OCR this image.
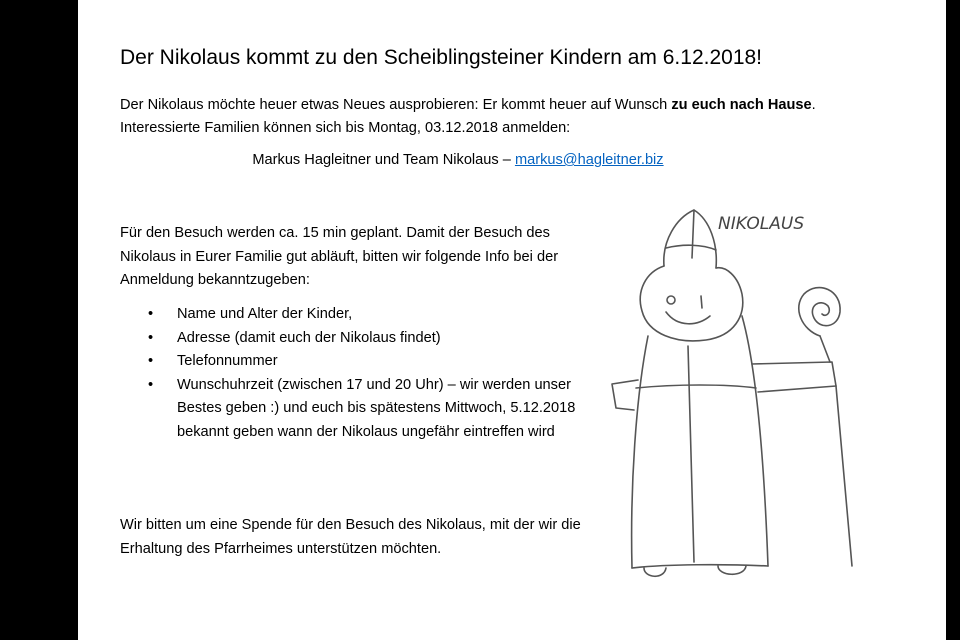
Der Nikolaus kommt zu den Scheiblingsteiner Kindern am 6.12.2018!
Der Nikolaus möchte heuer etwas Neues ausprobieren: Er kommt heuer auf Wunsch zu euch nach Hause. Interessierte Familien können sich bis Montag, 03.12.2018 anmelden:
Markus Hagleitner und Team Nikolaus – markus@hagleitner.biz
Für den Besuch werden ca. 15 min geplant. Damit der Besuch des Nikolaus in Eurer Familie gut abläuft, bitten wir folgende Info bei der Anmeldung bekanntzugeben:
• Name und Alter der Kinder,
• Adresse (damit euch der Nikolaus findet)
• Telefonnummer
• Wunschuhrzeit (zwischen 17 und 20 Uhr) – wir werden unser Bestes geben :) und euch bis spätestens Mittwoch, 5.12.2018 bekannt geben wann der Nikolaus ungefähr eintreffen wird
Wir bitten um eine Spende für den Besuch des Nikolaus, mit der wir die Erhaltung des Pfarrheimes unterstützen möchten.
NIKOLAUS
